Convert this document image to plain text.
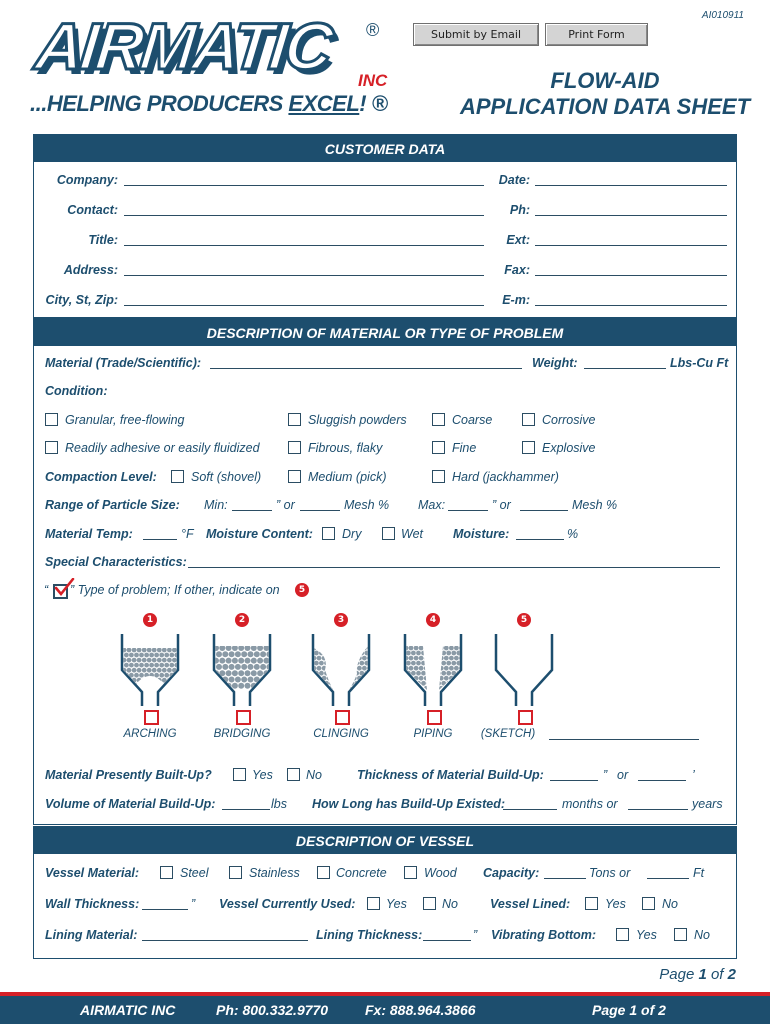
AI010911
Submit by Email	Print Form
AIRMATIC ®
INC
...HELPING PRODUCERS EXCEL! ®
FLOW-AID
APPLICATION DATA SHEET
CUSTOMER DATA
Company:	Date:
Contact:	Ph:
Title:	Ext:
Address:	Fax:
City, St, Zip:	E-m:
DESCRIPTION OF MATERIAL OR TYPE OF PROBLEM
Material (Trade/Scientific):	Weight:	Lbs-Cu Ft
Condition:
Granular, free-flowing	Sluggish powders	Coarse	Corrosive
Readily adhesive or easily fluidized	Fibrous, flaky	Fine	Explosive
Compaction Level:	Soft (shovel)	Medium (pick)	Hard (jackhammer)
Range of Particle Size: Min:	” or	Mesh % Max:	” or	Mesh %
Material Temp:	°F Moisture Content: Dry	Wet Moisture:	%
Special Characteristics:
“ ” Type of problem; If other, indicate on	5
1
ARCHING
2
BRIDGING
3
CLINGING
4
PIPING
5
(SKETCH)
Material Presently Built-Up?	Yes	No	Thickness of Material Build-Up:	” or	’
Volume of Material Build-Up:	lbs How Long has Build-Up Existed:	months or	years
DESCRIPTION OF VESSEL
Vessel Material:	Steel	Stainless	Concrete	Wood Capacity:	Tons or	Ft
Wall Thickness:	” Vessel Currently Used: Yes	No	Vessel Lined:	Yes	No
Lining Material:	Lining Thickness:	” Vibrating Bottom:	Yes	No
Page 1 of 2
AIRMATIC INC	Ph: 800.332.9770	Fx: 888.964.3866	Page 1 of 2
